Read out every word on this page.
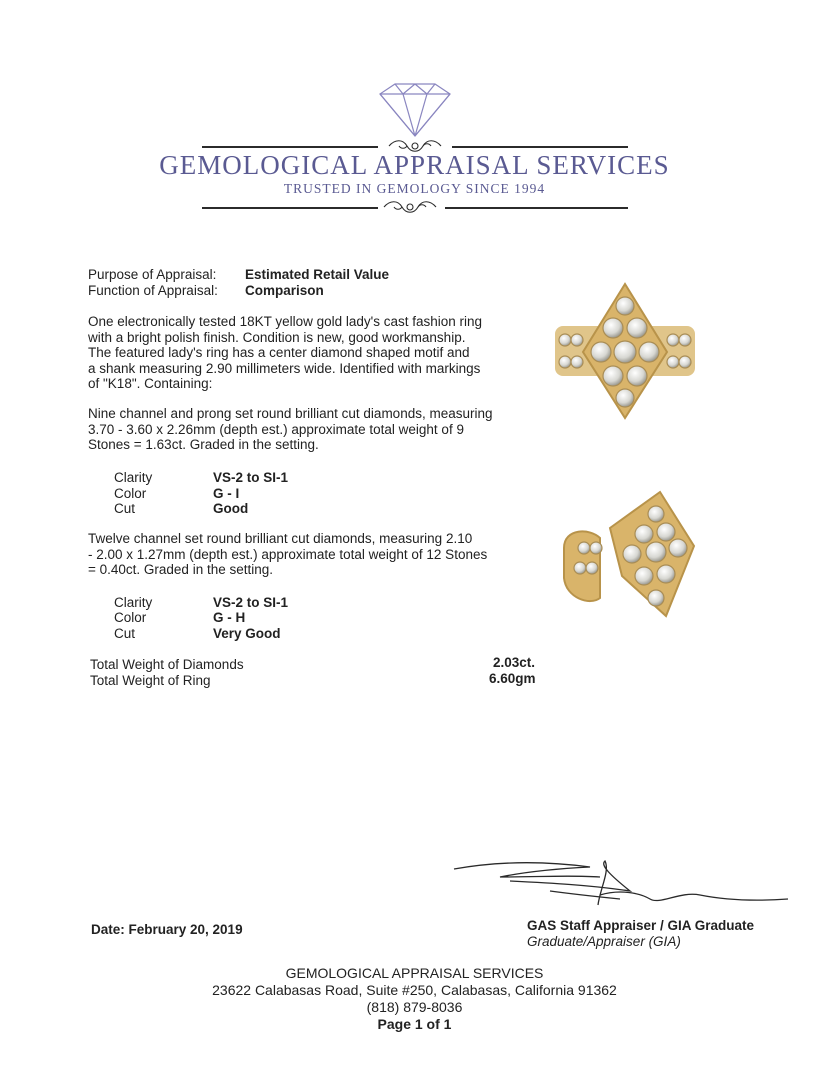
GEMOLOGICAL APPRAISAL SERVICES
TRUSTED IN GEMOLOGY SINCE 1994
Purpose of Appraisal: Estimated Retail Value
Function of Appraisal: Comparison
One electronically tested 18KT yellow gold lady's cast fashion ring
with a bright polish finish. Condition is new, good workmanship.
The featured lady's ring has a center diamond shaped motif and
a shank measuring 2.90 millimeters wide. Identified with markings
of "K18". Containing:
Nine channel and prong set round brilliant cut diamonds, measuring
3.70 - 3.60 x 2.26mm (depth est.) approximate total weight of 9
Stones = 1.63ct. Graded in the setting.
Clarity	VS-2 to SI-1
Color	G - I
Cut	Good
Twelve channel set round brilliant cut diamonds, measuring 2.10
- 2.00 x 1.27mm (depth est.) approximate total weight of 12 Stones
= 0.40ct. Graded in the setting.
Clarity	VS-2 to SI-1
Color	G - H
Cut	Very Good
Total Weight of Diamonds	2.03ct.
Total Weight of Ring	6.60gm
Date: February 20, 2019	GAS Staff Appraiser / GIA Graduate
Graduate/Appraiser (GIA)
GEMOLOGICAL APPRAISAL SERVICES
23622 Calabasas Road, Suite #250, Calabasas, California 91362
(818) 879-8036
Page 1 of 1
